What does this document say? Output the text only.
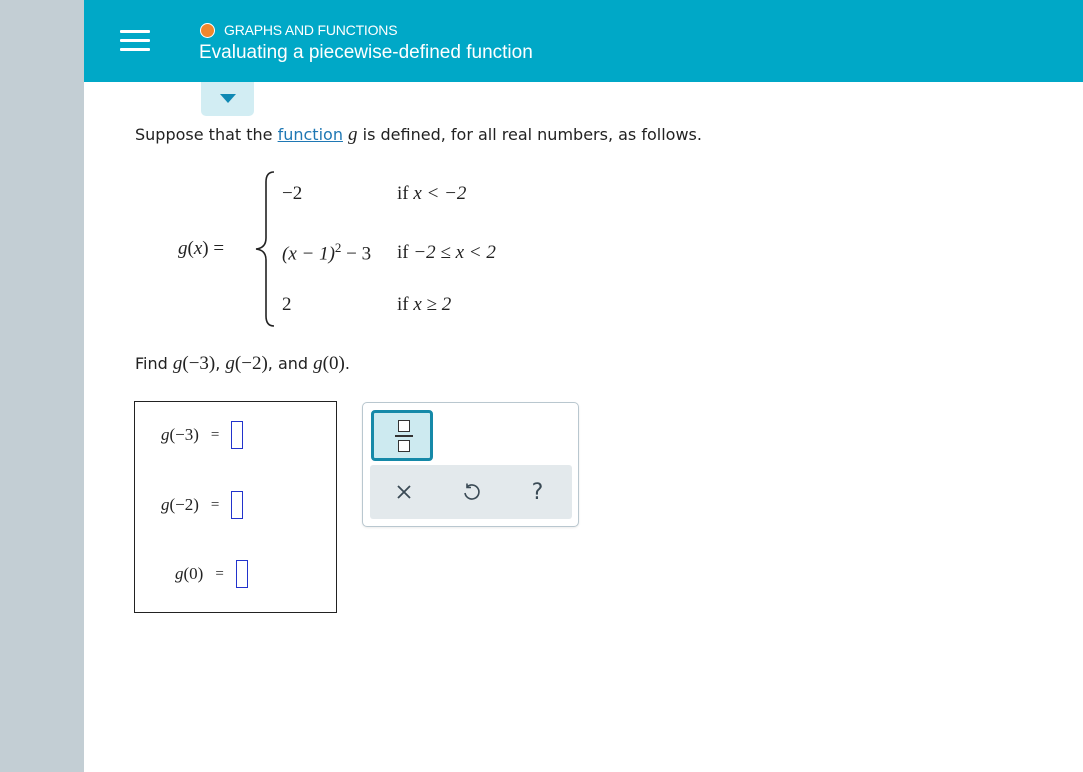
GRAPHS AND FUNCTIONS
Evaluating a piecewise-defined function
Suppose that the function g is defined, for all real numbers, as follows.
g(x) =
−2	if x < −2
$(x - 1)^2 - 3$ if −2 ≤ x < 2
2	if x ≥ 2
Find g(−3), g(−2), and g(0).
g (−3) =
g (−2) =
g (0) =
?
